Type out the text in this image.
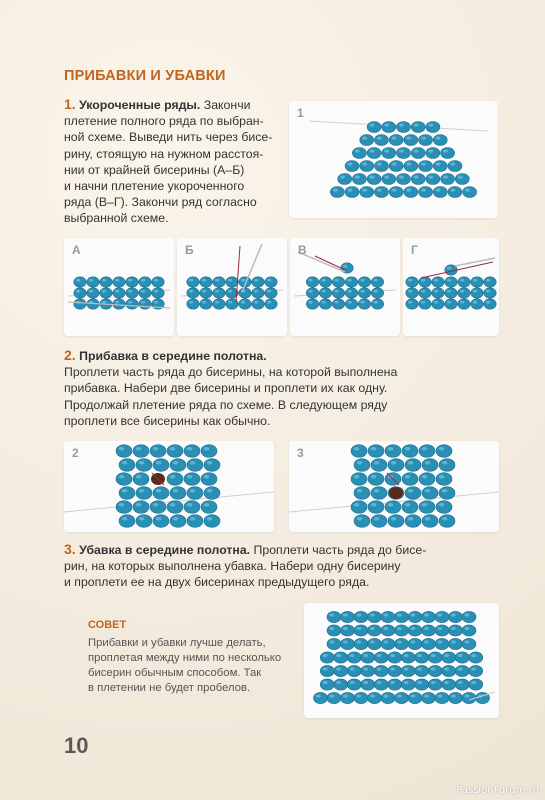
ПРИБАВКИ И УБАВКИ
1. Укороченные ряды. Закончи
плетение полного ряда по выбран-
ной схеме. Выведи нить через бисе-
рину, стоящую на нужном расстоя-
нии от крайней бисерины (А–Б)
и начни плетение укороченного
ряда (В–Г). Закончи ряд согласно
выбранной схеме.
1
А	Б	В	Г
2. Прибавка в середине полотна.
Проплети часть ряда до бисерины, на которой выполнена
прибавка. Набери две бисерины и проплети их как одну.
Продолжай плетение ряда по схеме. В следующем ряду
проплети все бисерины как обычно.
2	3
3. Убавка в середине полотна. Проплети часть ряда до бисе-
рин, на которых выполнена убавка. Набери одну бисерину
и проплети ее на двух бисеринах предыдущего ряда.
СОВЕТ
Прибавки и убавки лучше делать,
проплетая между ними по несколько
бисерин обычным способом. Так
в плетении не будет пробелов.
10
PassionForum.ru
